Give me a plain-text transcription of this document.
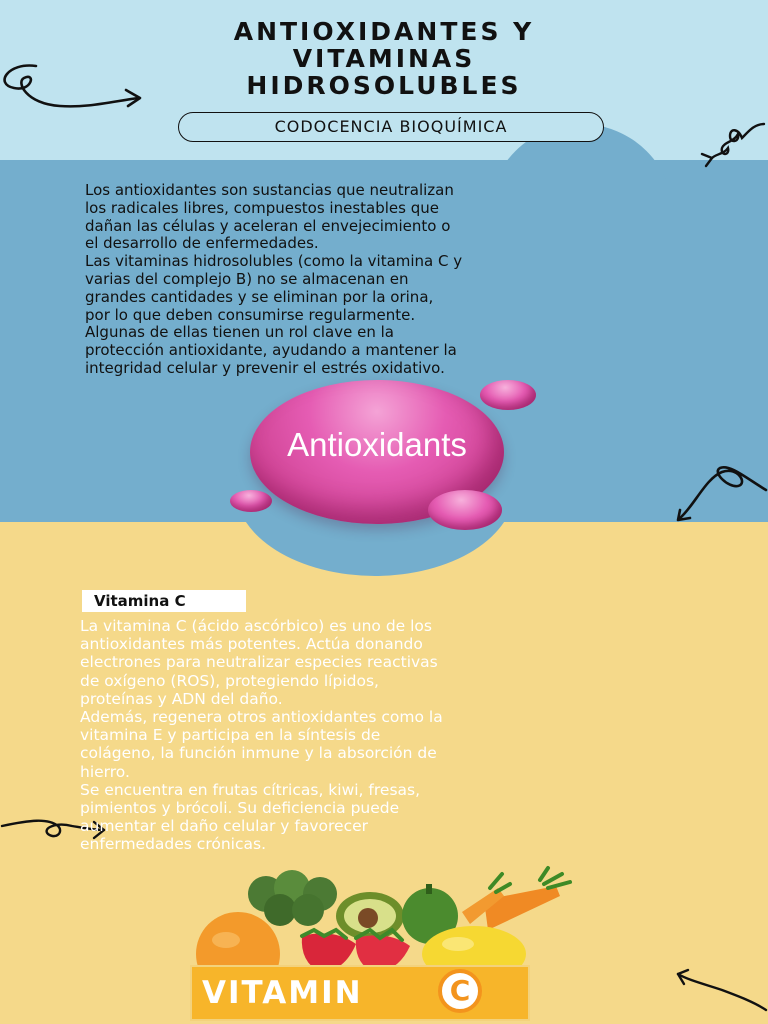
ANTIOXIDANTES Y VITAMINAS HIDROSOLUBLES
CODOCENCIA BIOQUÍMICA

Los antioxidantes son sustancias que neutralizan
los radicales libres, compuestos inestables que
dañan las células y aceleran el envejecimiento o
el desarrollo de enfermedades.
Las vitaminas hidrosolubles (como la vitamina C y
varias del complejo B) no se almacenan en
grandes cantidades y se eliminan por la orina,
por lo que deben consumirse regularmente.
Algunas de ellas tienen un rol clave en la
protección antioxidante, ayudando a mantener la
integridad celular y prevenir el estrés oxidativo.

Antioxidants
Vitamina C

La vitamina C (ácido ascórbico) es uno de los
antioxidantes más potentes. Actúa donando
electrones para neutralizar especies reactivas
de oxígeno (ROS), protegiendo lípidos,
proteínas y ADN del daño.
Además, regenera otros antioxidantes como la
vitamina E y participa en la síntesis de
colágeno, la función inmune y la absorción de
hierro.
Se encuentra en frutas cítricas, kiwi, fresas,
pimientos y brócoli. Su deficiencia puede
aumentar el daño celular y favorecer
enfermedades crónicas.

VITAMIN	C
